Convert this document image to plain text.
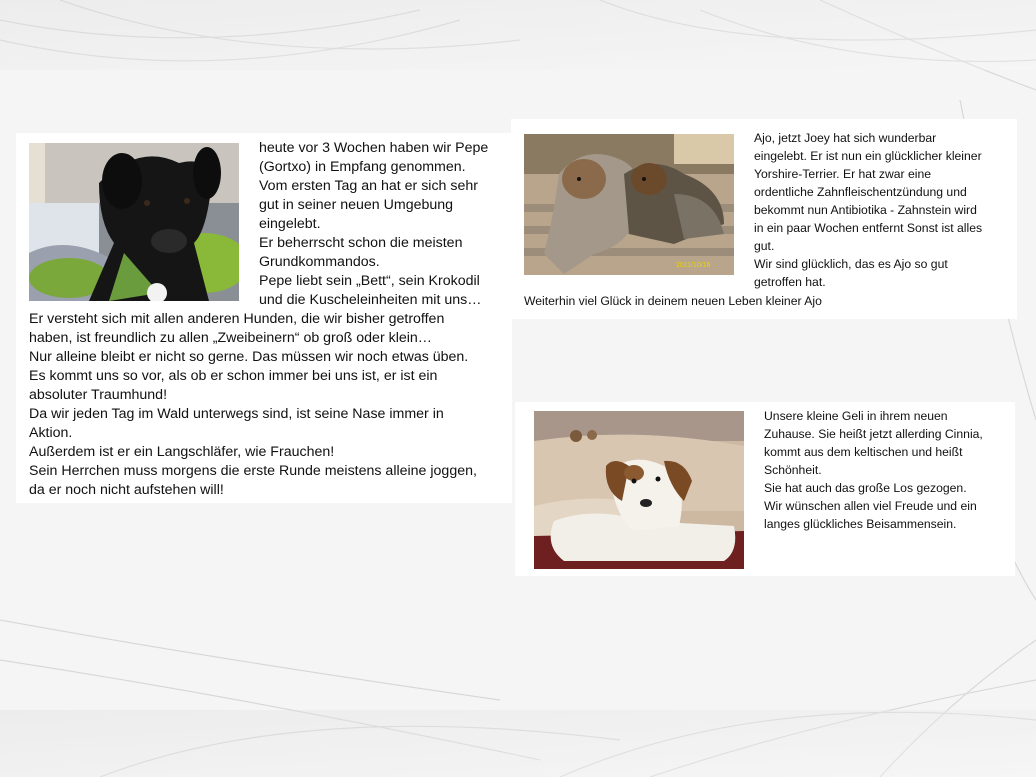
heute vor 3 Wochen haben wir Pepe
(Gortxo) in Empfang genommen.
Vom ersten Tag an hat er sich sehr
gut in seiner neuen Umgebung
eingelebt.
Er beherrscht schon die meisten
Grundkommandos.
Pepe liebt sein „Bett“, sein Krokodil
und die Kuscheleinheiten mit uns…
Er versteht sich mit allen anderen Hunden, die wir bisher getroffen
haben, ist freundlich zu allen „Zweibeinern“ ob groß oder klein…
Nur alleine bleibt er nicht so gerne. Das müssen wir noch etwas üben.
Es kommt uns so vor, als ob er schon immer bei uns ist, er ist ein
absoluter Traumhund!
Da wir jeden Tag im Wald unterwegs sind, ist seine Nase immer in
Aktion.
Außerdem ist er ein Langschläfer, wie Frauchen!
Sein Herrchen muss morgens die erste Runde meistens alleine joggen,
da er noch nicht aufstehen will!
2011/10/16
Ajo, jetzt Joey hat sich wunderbar
eingelebt. Er ist nun ein glücklicher kleiner
Yorshire-Terrier. Er hat zwar eine
ordentliche Zahnfleischentzündung und
bekommt nun Antibiotika - Zahnstein wird
in ein paar Wochen entfernt Sonst ist alles
gut.
Wir sind glücklich, das es Ajo so gut
getroffen hat.
Weiterhin viel Glück in deinem neuen Leben kleiner Ajo
Unsere kleine Geli in ihrem neuen
Zuhause. Sie heißt jetzt allerding Cinnia,
kommt aus dem keltischen und heißt
Schönheit.
Sie hat auch das große Los gezogen.
Wir wünschen allen viel Freude und ein
langes glückliches Beisammensein.
